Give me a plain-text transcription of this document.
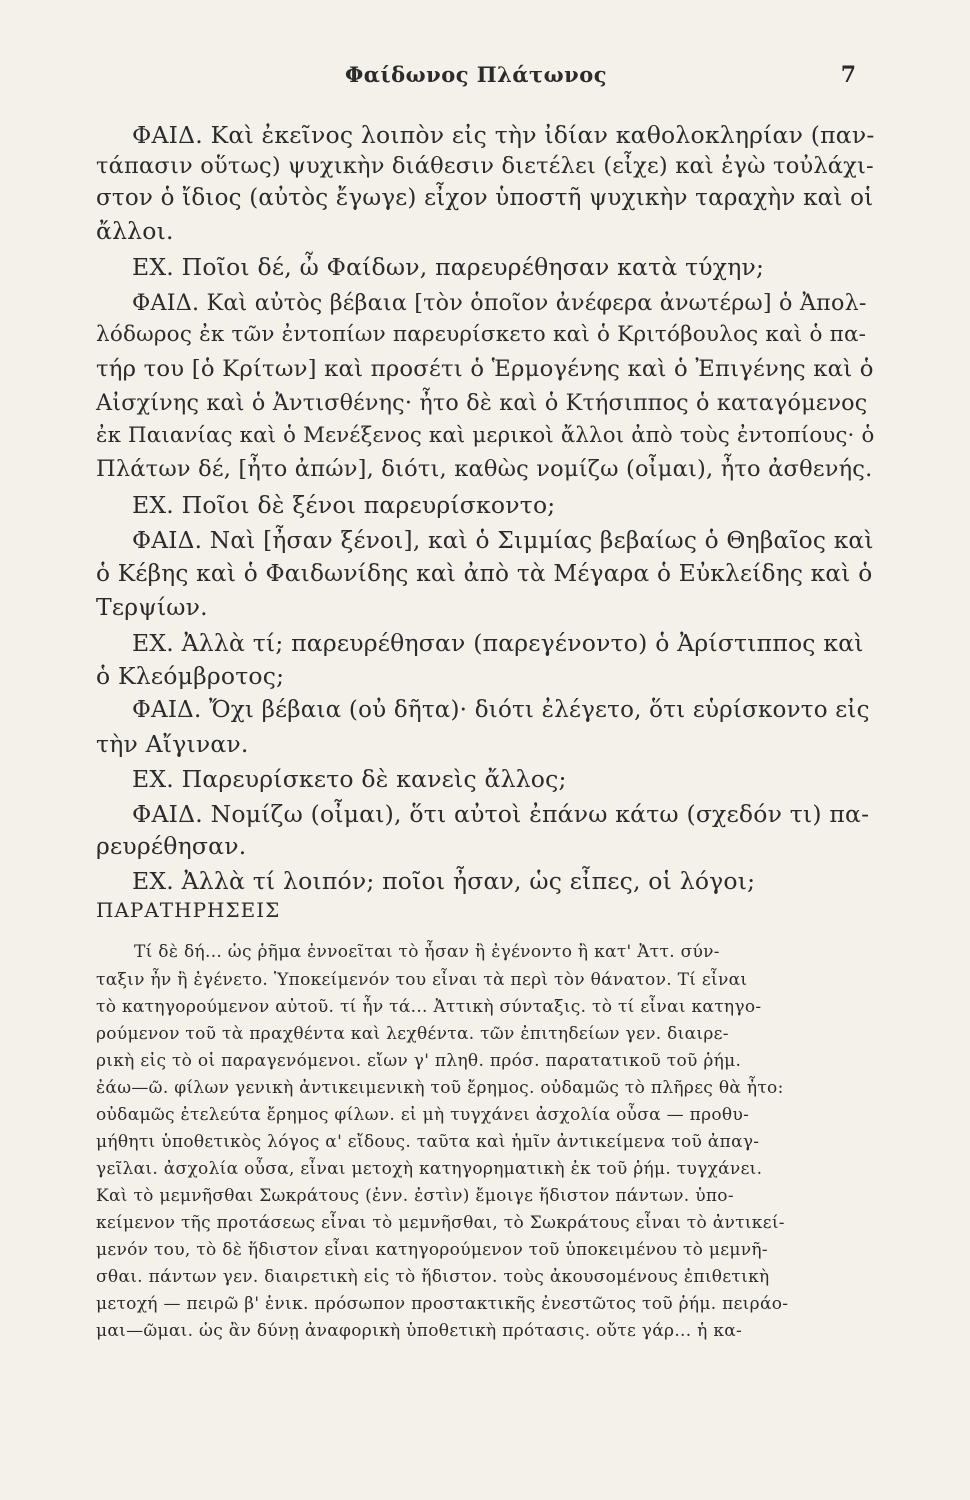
Φαίδωνος Πλάτωνος	7
ΦΑΙΔ. Καὶ ἐκεῖνος λοιπὸν εἰς τὴν ἰδίαν καθολοκληρίαν (παν-
τάπασιν οὕτως) ψυχικὴν διάθεσιν διετέλει (εἶχε) καὶ ἐγὼ τοὐλάχι-
στον ὁ ἴδιος (αὐτὸς ἔγωγε) εἶχον ὑποστῆ ψυχικὴν ταραχὴν καὶ οἱ
ἄλλοι.
ΕΧ. Ποῖοι δέ, ὦ Φαίδων, παρευρέθησαν κατὰ τύχην;
ΦΑΙΔ. Καὶ αὐτὸς βέβαια [τὸν ὁποῖον ἀνέφερα ἀνωτέρω] ὁ Ἀπολ-
λόδωρος ἐκ τῶν ἐντοπίων παρευρίσκετο καὶ ὁ Κριτόβουλος καὶ ὁ πα-
τήρ του [ὁ Κρίτων] καὶ προσέτι ὁ Ἑρμογένης καὶ ὁ Ἐπιγένης καὶ ὁ
Αἰσχίνης καὶ ὁ Ἀντισθένης· ἦτο δὲ καὶ ὁ Κτήσιππος ὁ καταγόμενος
ἐκ Παιανίας καὶ ὁ Μενέξενος καὶ μερικοὶ ἄλλοι ἀπὸ τοὺς ἐντοπίους· ὁ
Πλάτων δέ, [ἦτο ἀπών], διότι, καθὼς νομίζω (οἶμαι), ἦτο ἀσθενής.
ΕΧ. Ποῖοι δὲ ξένοι παρευρίσκοντο;
ΦΑΙΔ. Ναὶ [ἦσαν ξένοι], καὶ ὁ Σιμμίας βεβαίως ὁ Θηβαῖος καὶ
ὁ Κέβης καὶ ὁ Φαιδωνίδης καὶ ἀπὸ τὰ Μέγαρα ὁ Εὐκλείδης καὶ ὁ
Τερψίων.
ΕΧ. Ἀλλὰ τί; παρευρέθησαν (παρεγένοντο) ὁ Ἀρίστιππος καὶ
ὁ Κλεόμβροτος;
ΦΑΙΔ. Ὄχι βέβαια (οὐ δῆτα)· διότι ἐλέγετο, ὅτι εὑρίσκοντο εἰς
τὴν Αἴγιναν.
ΕΧ. Παρευρίσκετο δὲ κανεὶς ἄλλος;
ΦΑΙΔ. Νομίζω (οἶμαι), ὅτι αὐτοὶ ἐπάνω κάτω (σχεδόν τι) πα-
ρευρέθησαν.
ΕΧ. Ἀλλὰ τί λοιπόν; ποῖοι ἦσαν, ὡς εἶπες, οἱ λόγοι;
ΠΑΡΑΤΗΡΗΣΕΙΣ
Τί δὲ δή... ὡς ῥῆμα ἐννοεῖται τὸ ἦσαν ἢ ἐγένοντο ἢ κατ' Ἀττ. σύν-
ταξιν ἦν ἢ ἐγένετο. Ὑποκείμενόν του εἶναι τὰ περὶ τὸν θάνατον. Τί εἶναι
τὸ κατηγορούμενον αὐτοῦ. τί ἦν τά... Ἀττικὴ σύνταξις. τὸ τί εἶναι κατηγο-
ρούμενον τοῦ τὰ πραχθέντα καὶ λεχθέντα. τῶν ἐπιτηδείων γεν. διαιρε-
ρικὴ εἰς τὸ οἱ παραγενόμενοι. εἴων γ' πληθ. πρόσ. παρατατικοῦ τοῦ ῥήμ.
ἐάω—ῶ. φίλων γενικὴ ἀντικειμενικὴ τοῦ ἔρημος. οὐδαμῶς τὸ πλῆρες θὰ ἦτο:
οὐδαμῶς ἐτελεύτα ἔρημος φίλων. εἰ μὴ τυγχάνει ἀσχολία οὖσα — προθυ-
μήθητι ὑποθετικὸς λόγος α' εἴδους. ταῦτα καὶ ἡμῖν ἀντικείμενα τοῦ ἀπαγ-
γεῖλαι. ἀσχολία οὖσα, εἶναι μετοχὴ κατηγορηματικὴ ἐκ τοῦ ῥήμ. τυγχάνει.
Καὶ τὸ μεμνῆσθαι Σωκράτους (ἐνν. ἐστὶν) ἔμοιγε ἥδιστον πάντων. ὑπο-
κείμενον τῆς προτάσεως εἶναι τὸ μεμνῆσθαι, τὸ Σωκράτους εἶναι τὸ ἀντικεί-
μενόν του, τὸ δὲ ἥδιστον εἶναι κατηγορούμενον τοῦ ὑποκειμένου τὸ μεμνῆ-
σθαι. πάντων γεν. διαιρετικὴ εἰς τὸ ἥδιστον. τοὺς ἀκουσομένους ἐπιθετικὴ
μετοχή — πειρῶ β' ἑνικ. πρόσωπον προστακτικῆς ἐνεστῶτος τοῦ ῥήμ. πειράο-
μαι—ῶμαι. ὡς ἂν δύνῃ ἀναφορικὴ ὑποθετικὴ πρότασις. οὔτε γάρ... ἡ κα-
